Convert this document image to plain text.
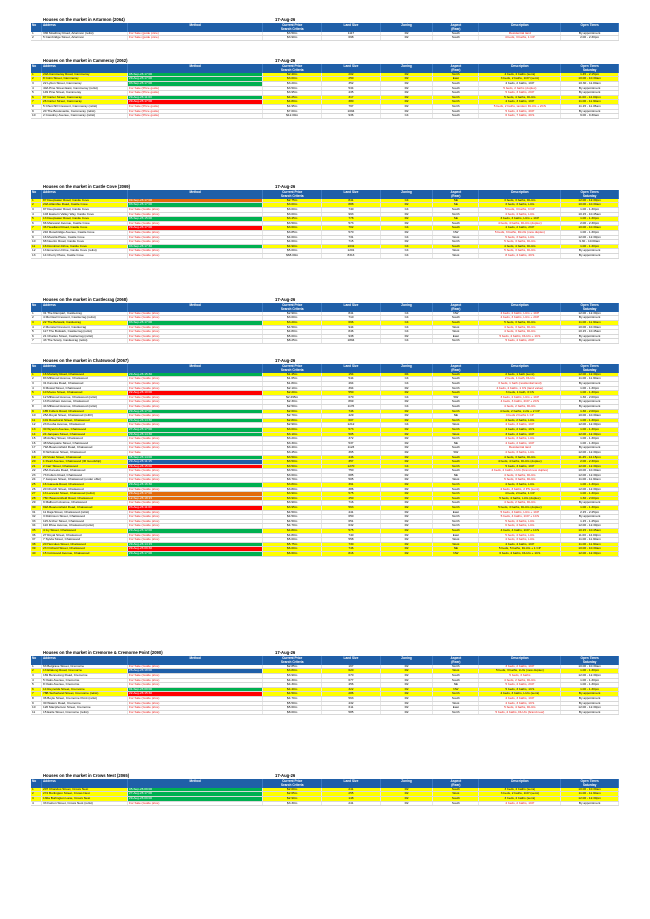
Houses on the market in Artarmon (2064)	17-Aug-26
No	Address	Method	Current Price	Land Size	Zoning	Aspect	Description	Open Times
			Search Criteria			(Rear)		
1	336 Mowbray Road, Artarmon (relist)	For Sale (guide price)	$3.50m	1117	R2	South	Residential land	By appointment
2	5 Cambridge Street, Artarmon	For Sale (guide price)	$3.90m	698	R2	South	4 beds, 3 baths, 1 CP	2.00 - 2.30pm
Houses on the market in Cammeray (2062)	17-Aug-26
No	Address	Method	Current Price	Land Size	Zoning	Aspect	Description	Open Times
			Search Criteria			(Rear)		Saturday
1	20A Cammeray Road, Cammeray	05-Sep-26 17:00	$2.40m	202	R2	North	4 beds, 2 baths (semi)	1.45 - 2.15pm
2	8 Colin Street, Cammeray	29-Aug-26 17:00	$3.00m	250	R2	East	3 beds, 2 baths, 1CP (semi)	10.00 - 10.30am
3	22 Lytton Street, Cammeray	03-Sep-26 17:00	$3.20m	352	R2	South	4 beds, 2 baths, 1CP	10.30 - 11.00am
4	40A Pine Street East, Cammeray (relist)	For Sale (Price guide)	$3.50m	534	R2	South	5 beds, 2 baths (duplex)	By appointment
5	149 Pine Street, Cammeray	For Sale (Price guide)	$3.95m	435	R2	South	5 beds, 3 baths, 2CP	By appointment
6	97 Carter Street, Cammeray	29-Aug-26 11:00	$4.25m	317	R2	North	5 beds, 4 baths, DLUG	11.00 - 12.00pm
7	26 Carter Street, Cammeray	29-Aug-26 17:00	$4.80m	380	R2	North	4 beds, 3 baths, 1CP	11.00 - 11.30am
8	5 Churchill Crescent, Cammeray (relist)	For Sale (Price guide)	$4.95m	797	R2	North	5 beds, 2 baths, tandem DLUG + 2CS	11.15 - 11.45am
9	20 The Boulevarde, Cammeray (relist)	For Sale (Price guide)	$7.00m	1094	R2	South	5 beds, 4 baths, 4CP	By appointment
10	2 Cowdroy Avenue, Cammeray (relist)	For Sale (Price guide)	$12.00m	936	C4	South	6 beds, 7 baths, 4CS	9.00 - 9.30am
Houses on the market in Castle Cove (2069)	17-Aug-26
No	Address	Method	Current Price	Land Size	Zoning	Aspect	Description	Open Times
			Search Criteria			(Rear)		Saturday
1	87 Deepwater Road, Castle Cove	09-Sep-26 17:00	$2.75m	841	C4	SE	3 beds, 3 baths, DLUG	12.00 - 12.30pm
2	20A Allambie Road, Castle Cove	03-Sep-26 17:00	$3.00m	888	R2	SE	3 beds, 3 baths, LUG	10.00 - 10.30am
3	97 Deepwater Road, Castle Cove	For Sale (Guide price)	$3.00m	740	C4	South	5 beds, 3 baths, 3 CP	1.00 - 1.30pm
4	103 Eastern Valley Way, Castle Cove	For Sale (Guide price)	$3.00m	993	R2	North	4 beds, 4 baths, LUG	10.15 - 10.45am
5	13 Deepwater Road, Castle Cove	05-Sep-26 15:00	$3.45m	778	R2	SE	3 beds, 3 baths, LUG + 1CP	1.00 - 1.30pm
6	66 Manowar Avenue, Castle Cove	For Sale (Guide price)	$3.50m	573	R2	South	4 beds, 4 baths, DLUG (duplex)	2.00 - 2.30pm
7	36 Headland Road, Castle Cove	29-Aug-26 17:00	$3.60m	702	C4	South	4 beds, 2 baths, 2CP	10.00 - 10.30am
8	210 Rosebridge Avenue, Castle Cove	For Sale (Guide price)	$3.85m	570	R2	NW	5 beds, 3 baths, DLUG (new duplex)	1.00 - 1.30pm
9	16 Moorila Place, Castle Cove	For Sale (Guide price)	$4.00m	731	C4	West	5 beds, 3 baths, LUG	12.00 - 12.30pm
10	68 Neerim Road, Castle Cove	For Sale (Guide price)	$4.60m	715	R2	North	5 beds, 3 baths, DLUG	9.30 - 10.00am
11	16 Dominion Drive, Castle Cove	03-Sep-26 17:30	$4.90m	1031	C4	South	4 beds, 4 baths, DLUG	1.00 - 1.30pm
12	13 Emerston Drive, Castle Cove (relist)	For Sale (Guide price)	$5.00m	1201	C4	West	5 beds, 3 baths, DLUG	By appointment
13	14 Cherry Place, Castle Cove	For Sale (Guide price)	$68.00m	8313	C4	West	8 beds, 4 baths, 4CS	By appointment
Houses on the market in Castlecrag (2068)	17-Aug-26
No	Address	Method	Current Price	Land Size	Zoning	Aspect	Description	Open Times
			Search Criteria			(Rear)		Saturday
1	31 The Rampart, Castlecrag	For Sale (Guide price)	$2.90m	841	C4	NW	4 beds, 2 baths, LUG + 1CP	12.00 - 12.30pm
2	4 Morrisal Crescent, Castlecrag (relist)	For Sale (Guide price)	$3.00m	710	C4	South	4 beds, 3 baths, LUG + 2CP	By appointment
3	22 The Bulwark, Castlecrag	03-Sep-26 17:00	$3.20m	696	C4	South	5 beds, 3 baths, DLUG	11.00 - 11.30am
4	2 Monstal Crescent, Castlecrag	For Sale (Guide price)	$4.50m	944	C4	West	4 beds, 3 baths, DLUG	10.00 - 10.30am
5	117 The Bulwark, Castlecrag (relist)	For Sale (Guide price)	$4.80m	846	C4	West	4 beds, 3 baths, DLUG	10.15 - 10.45am
6	21 Charles Street, Castlecrag (relist)	For Sale (Guide price)	$5.00m	938	R2	East	5 beds, 4 baths, DLUG + 1CS	By appointment
7	43 The Scarp, Castlecrag (relist)	For Sale (Guide price)	$8.25m	1894	C4	North	5 beds, 4 baths, 2CP	By appointment
Houses on the market in Chatswood (2067)	17-Aug-26
No	Address	Method	Current Price	Land Size	Zoning	Aspect	Description	Open Times
			Search Criteria			(Rear)		Saturday
1	16 Moriarty Road, Chatswood	29-Aug-26 15:30	$1.45m	154	R4	South	2 beds, 1 bath (semi)	12.00 - 12.30pm
2	83 Millwood Avenue, Chatswood	For Sale (Guide price)	$1.65m	544	C4	South	2 beds, 1 bath, DLUG	11.00 - 11.30am
3	31 Karonia Road, Chatswood	For Sale (Guide price)	$1.80m	464	C4	South	3 beds, 1 bath (residential land)	By appointment
4	9 Mowat Street, Chatswood	For Sale (Guide price)	$2.10m	394	R2	North	4 beds, 2 baths, 1 CS (land value)	1.00 - 1.30pm
5	10 Moore Street, Chatswood	22-Aug-26 10:00	$2.20m	550	R2	South	3 beds, 1 bath, 3 CS	1.00 - 1.30pm
6	12 Millwood Avenue, Chatswood (relist)	For Sale (Guide price)	$2.295m	670	C4	SW	3 beds, 2 baths, LUG + 1CP	1.30 - 2.00pm
7	13 Pockham Avenue, Chatswood	For Sale (Guide price)	$2.30m	869	R2	South	4 beds, 3 baths, 2CP + 2CS	By appointment
8	44 Millwood Avenue, Chatswood (relist)	For Sale (Guide price)	$2.50m	1176	C4	South	4 beds, 2 baths, DLUG	By appointment
9	185 Fullers Road, Chatswood	29-Aug-26 17:00	$2.60m	746	R2	North	4 beds, 2 baths, LUG + 2 CP	1.30 - 2.00pm
10	25A Royal Street, Chatswood (GDV)	For Sale (Guide price)	$2.70m	429	R2	NE	4 beds 2 baths 1 CP	10.00 - 10.30am
11	101 Roseburst Street, Chatswood	29-Aug-26 14:30	$2.80m	607	R2	North	4 beds, 2 baths, LUG	1.00 - 1.30pm
12	23 Kooba Avenue, Chatswood	For Sale (Guide price)	$2.90m	1212	C4	West	4 beds, 3 baths, 1CP	12.00 - 12.30pm
13	30 Wyvern Avenue, Chatswood	27-Aug-26 17:00	$3.00m	573	R2	North	4 beds, 2 baths, 1CS	1.00 - 1.30pm
14	24 Jacques Street, Chatswood	29-Aug-26 14:30	$3.10m	505	R2	West	3 beds, 2 baths, 1CP	12.00 - 12.30pm
15	48 Ashley Street, Chatswood	For Sale (Guide price)	$3.20m	372	R2	North	4 beds, 3 baths, LUG	1.00 - 1.30pm
16	48 Macquarie Street, Chatswood	For Sale (Guide price)	$3.30m	537	R2	NE	4 beds, 2 baths, 1CP	1.00 - 1.30pm
17	79A Beaconsfield Road, Chatswood	For Sale (Guide price)	$3.40m	1123	R2	South	Residential land	By appointment
18	8 Nicholson Street, Chatswood	For Sale	$3.45m	365	R2	SW	4 beds, 3 baths, LUG	12.00 - 12.30pm
19	20 Violet Street, Chatswood	05-Sep-26 14:00	$3.50m	446	R2	South	4 beds, 3 baths, DLUG	11.45 - 12.15pm
20	1 Pearl Avenue, Chatswood (IR Goodship)	29-Aug-26 11:15	$3.50m	357	R2	South	4 beds, 4 baths, DLUG (duplex)	2.00 - 2.30pm
21	2 Carr Street, Chatswood	29-Aug-26 15:00	$3.50m	1270	C4	North	5 beds, 3 baths, 1CP	12.00 - 12.30pm
22	25A Kareela Road, Chatswood	For Sale (Guide price)	$3.50m	750	R2	South	4 beds, 2 baths, LUG (brand new duplex)	10.00 - 10.30am
23	73 Fullers Road, Chatswood	For Sale (Guide price)	$3.60m	685	R2	NE	4 beds, 3 baths, DLUG	12.00 - 12.30pm
24	7 Jacques Street, Chatswood (under offer)	For Sale (Guide price)	$3.70m	505	R2	West	5 beds, 3 baths, DLUG	11.00 - 11.30am
25	16 Gareela Road, Chatswood	29-Aug-26 16:30	$3.80m	391	R2	North	4 beds, 3 baths, LUG	1.00 - 1.30pm
26	20 Church Street, Chatswood	For Sale (Guide price)	$3.80m	386	R2	South	4 beds, 3 baths, 2 PS (semi)	12.00 - 12.30pm
27	13 Lancelot Street, Chatswood (relist)	29-Aug-26 17:00	$3.90m	575	R2	North	4 beds, 2 baths, 1 CP	1.00 - 1.30pm
28	76C Beaconsfield Road, Chatswood	12-Sep-26 18:15	$3.90m	450	R2	South	5 beds, 4 baths, LUG (duplex)	1.30 - 2.00pm
29	9 Malbourn Avenue, Chatswood	For Sale (Guide price)	$3.90m	716	R2	South	4 beds, 2 baths, DLUG	By appointment
30	99A Beaconsfield Road, Chatswood	23-Aug-26 11:00	$3.95m	563	R2	North	5 beds, 3 baths, DLUG (duplex)	1.00 - 1.30pm
31	11 Daja Street, Chatswood (relist)	For Sale (Guide price)	$4.50m	441	R2	East	5 beds, 4 baths, LUG + 1CP	2.15 - 2.45pm
32	3 Robinson Street, Chatswood	For Sale (Guide price)	$4.50m	650	R2	North	5 beds, 4 baths, 1CP + 1CS	By appointment
33	115 Archer Street, Chatswood	For Sale (Guide price)	$4.50m	651	R2	North	5 beds, 4 baths, LUG	1.15 - 1.45pm
34	110 Rhoe Avenue, Chatswood (relist)	For Sale (Guide price)	$4.70m	632	R2	North	6 beds, 4 baths, LUG	12.00 - 12.30pm
35	4 Ivy Street, Chatswood	29-Aug-26 12:00	$4.80m	575	R2	South	4 beds, 4 baths, 1CP + 1CS	10.15 - 10.45am
36	27 Royal Street, Chatswood	For Sale (Guide price)	$4.80m	740	R2	East	5 beds, 4 baths, LUG	11.00 - 12.00pm
37	7 Sylvia Street, Chatswood	For Sale (Guide price)	$5.00m	558	R2	West	4 beds, 3 baths, LUG	11.00 - 11.30am
38	20 Hercules Street, Chatswood	29-Aug-26 14:15	$5.75m	730	R2	West	4 beds, 4 baths, 1CP	11.00 - 11.30am
39	23 Orchard Street, Chatswood	29-Aug-26 09:30	$6.00m	746	R2	NE	5 beds, 5 baths, DLUG + 1 CP	10.00 - 10.30am
40	15 Cotswood Avenue, Chatswood	29-Aug-26 17:00	$6.60m	816	R2	NW	6 beds, 4 baths, DLUG + 1CS	12.00 - 12.30pm
Houses on the market in Cremorne & Cremorne Point (2090)	17-Aug-26
No	Address	Method	Current Price	Land Size	Zoning	Aspect	Description	Open Times
			Search Criteria			(Rear)		Saturday
1	63 Belgrave Street, Cremorne	For Sale (Guide price)	$2.85m	167	R2	North	3 beds, 2 baths, 1CP	10.00 - 10.30am
2	13 Ellalong Road, Cremorne	26-Aug-26 18:00	$3.80m	620	R2	West	5 beds, 3 baths, LUG (new duplex)	1.00 - 1.30pm
3	169 Bennelong Road, Cremorne	For Sale (Guide price)	$3.90m	670	R2	South	5 beds, 3 baths	12.00 - 12.30pm
4	5 Oaks Avenue, Cremorne	For Sale (Guide price)	$4.30m	677	R2	South	4 beds, 2 baths, DLUG	1.00 - 1.30pm
5	8 Oaks Avenue, Cremorne	For Sale (Guide price)	$4.30m	456	R2	NE	5 beds, 4 baths, 2CP	1.00 - 1.30pm
6	14 Reynolds Street, Cremorne	01-Sep-26 09:00	$4.40m	322	R2	NW	5 beds, 3 baths, 1CS	1.00 - 1.30pm
7	78B Sutherland Street, Cremorne (relist)	22-Aug-26 15:30	$4.50m	286	R2	North	4 beds, 3 baths, LUG (semi)	By appointment
8	36 Boyle Street, Cremorne Point (relist)	For Sale (Guide price)	$4.70m	563	R2	South	4 beds, 3 baths, 1CP	By appointment
9	30 Waters Road, Cremorne	For Sale (Guide price)	$5.50m	432	R2	West	4 beds, 3 baths, 1CS	By appointment
10	120 Macpherson Street, Cremorne	For Sale (Guide price)	$5.60m	611	R2	East	5 beds, 4 baths, DLUG	12.00 - 12.30pm
11	15 Earle Street, Cremorne (relist)	For Sale (Guide price)	$8.00m	585	R2	North	5 beds, 4 baths, DLUG (brand new)	By appointment
Houses on the market in Crows Nest (2065)	17-Aug-26
No	Address	Method	Current Price	Land Size	Zoning	Aspect	Description	Open Times
			Search Criteria			(Rear)		Saturday
1	207 Chandos Street, Crows Nest	05-Sep-26 09:00	$2.00m	241	R2	South	3 beds, 2 baths (semi)	10.00 - 10.30am
2	274 Burlington Street, Crows Nest	27-Aug-26 17:00	$2.65m	255	R2	West	3 beds, 2 baths, 1CP (semi)	11.00 - 11.30am
3	136a Burlington Lane, Crows Nest	29-Aug-26 09:00	$2.90m	148	R2	South	3 beds, 2 baths (semi)	12.00 - 12.30pm
4	33 Falcon Street, Crows Nest (relist)	For Sale (Guide price)	$3.30m	241	R2	South	4 beds, 2 baths, 1CP	By appointment
